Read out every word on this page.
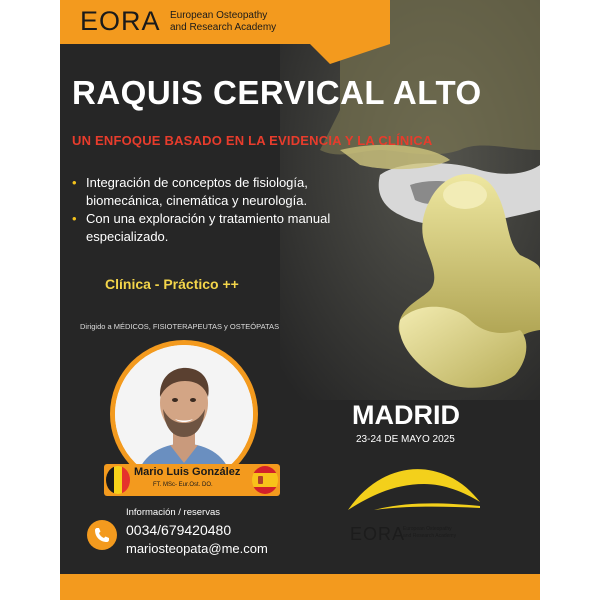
EORA European Osteopathy
and Research Academy
RAQUIS CERVICAL ALTO
UN ENFOQUE BASADO EN LA EVIDENCIA Y LA CLÍNICA
• Integración de conceptos de fisiología, biomecánica, cinemática y neurología.
• Con una exploración y tratamiento manual especializado.
Clínica - Práctico ++
Dirigido a MÉDICOS, FISIOTERAPEUTAS y OSTEÓPATAS
Mario Luis González
FT. MSc- Eur.Ost. DO.
Información / reservas
0034/679420480
mariosteopata@me.com
MADRID
23-24 DE MAYO 2025
EORA
European Osteopathy
and Research Academy
